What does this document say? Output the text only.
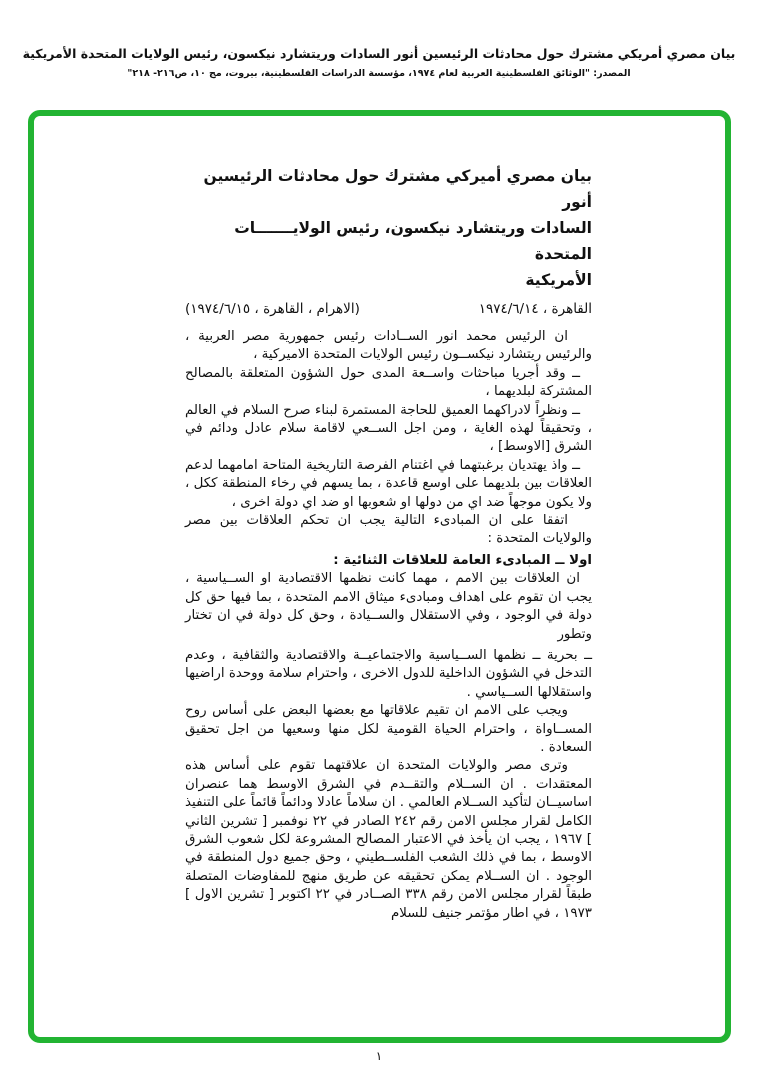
بيان مصري أمريكي مشترك حول محادثات الرئيسين أنور السادات وريتشارد نيكسون، رئيس الولايات المتحدة الأمريكية
المصدر: "الوثائق الفلسطينية العربية لعام ١٩٧٤، مؤسسة الدراسات الفلسطينية، بيروت، مج ١٠، ص٢١٦- ٢١٨"
بيان مصري أميركي مشترك حول محادثات الرئيسين أنور
السادات وريتشارد نيكسون، رئيس الولايـــــــات المتحدة
الأمريكية
القاهرة ، ١٩٧٤/٦/١٤
(الاهرام ، القاهرة ، ١٩٧٤/٦/١٥)

ان الرئيس محمد انور الســادات رئيس جمهورية مصر العربية ، والرئيس ريتشارد نيكســون رئيس الولايات المتحدة الاميركية ،

ــ وقد أجريا مباحثات واســعة المدى حول الشؤون المتعلقة بالمصالح المشتركة لبلديهما ،

ــ ونظراً لادراكهما العميق للحاجة المستمرة لبناء صرح السلام في العالم ، وتحقيقاً لهذه الغاية ، ومن اجل الســعي لاقامة سلام عادل ودائم في الشرق [الاوسط] ،

ــ واذ يهتديان برغبتهما في اغتنام الفرصة التاريخية المتاحة امامهما لدعم العلاقات بين بلديهما على اوسع قاعدة ، بما يسهم في رخاء المنطقة ككل ، ولا يكون موجهاً ضد اي من دولها او شعوبها او ضد اي دولة اخرى ،

اتفقا على ان المبادىء التالية يجب ان تحكم العلاقات بين مصر والولايات المتحدة :

اولا ــ المبادىء العامة للعلاقات الثنائية :

ان العلاقات بين الامم ، مهما كانت نظمها الاقتصادية او الســياسية ، يجب ان تقوم على اهداف ومبادىء ميثاق الامم المتحدة ، بما فيها حق كل دولة في الوجود ، وفي الاستقلال والســيادة ، وحق كل دولة في ان تختار وتطور

ــ بحرية ــ نظمها الســياسية والاجتماعيــة والاقتصادية والثقافية ، وعدم التدخل في الشؤون الداخلية للدول الاخرى ، واحترام سلامة ووحدة اراضيها واستقلالها الســياسي .

ويجب على الامم ان تقيم علاقاتها مع بعضها البعض على أساس روح المســاواة ، واحترام الحياة القومية لكل منها وسعيها من اجل تحقيق السعادة .

وترى مصر والولايات المتحدة ان علاقتهما تقوم على أساس هذه المعتقدات . ان الســلام والتقــدم في الشرق الاوسط هما عنصران اساسيــان لتأكيد الســلام العالمي . ان سلاماً عادلا ودائماً قائماً على التنفيذ الكامل لقرار مجلس الامن رقم ٢٤٢ الصادر في ٢٢ نوفمبر [ تشرين الثاني ] ١٩٦٧ ، يجب ان يأخذ في الاعتبار المصالح المشروعة لكل شعوب الشرق الاوسط ، بما في ذلك الشعب الفلســطيني ، وحق جميع دول المنطقة في الوجود . ان الســلام يمكن تحقيقه عن طريق منهج للمفاوضات المتصلة طبقاً لقرار مجلس الامن رقم ٣٣٨ الصــادر في ٢٢ اكتوبر [ تشرين الاول ] ١٩٧٣ ، في اطار مؤتمر جنيف للسلام

١
